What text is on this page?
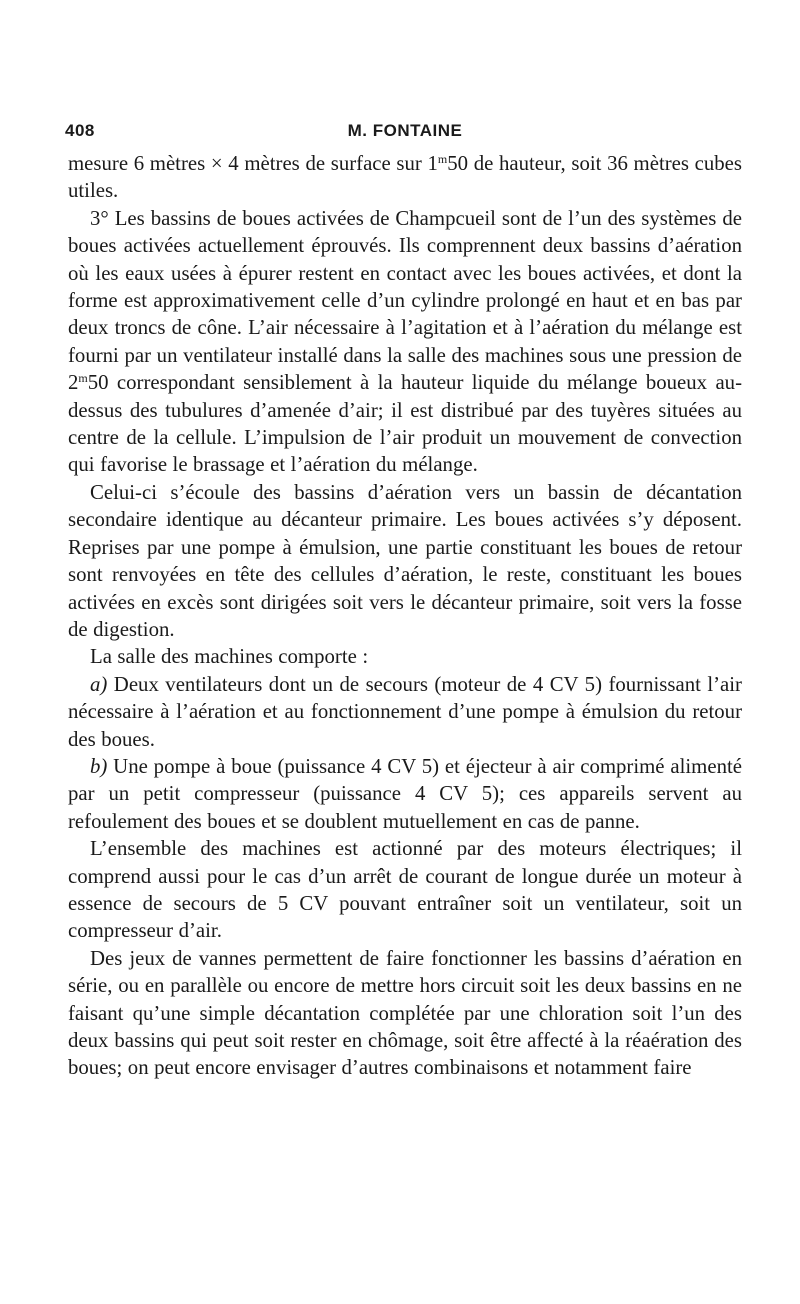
408	M. FONTAINE

mesure 6 mètres × 4 mètres de surface sur 1$^m$50 de hauteur, soit 36 mètres cubes utiles.

3° Les bassins de boues activées de Champcueil sont de l’un des systèmes de boues activées actuellement éprouvés. Ils comprennent deux bassins d’aération où les eaux usées à épurer restent en contact avec les boues activées, et dont la forme est approximativement celle d’un cylindre prolongé en haut et en bas par deux troncs de cône. L’air nécessaire à l’agitation et à l’aération du mélange est fourni par un ventilateur installé dans la salle des machines sous une pression de 2$^m$50 correspondant sensiblement à la hauteur liquide du mélange boueux au-dessus des tubulures d’amenée d’air; il est distribué par des tuyères situées au centre de la cellule. L’impulsion de l’air produit un mouvement de convection qui favorise le brassage et l’aération du mélange.

Celui-ci s’écoule des bassins d’aération vers un bassin de décantation secondaire identique au décanteur primaire. Les boues activées s’y déposent. Reprises par une pompe à émulsion, une partie constituant les boues de retour sont renvoyées en tête des cellules d’aération, le reste, constituant les boues activées en excès sont dirigées soit vers le décanteur primaire, soit vers la fosse de digestion.

La salle des machines comporte :

a) Deux ventilateurs dont un de secours (moteur de 4 CV 5) fournissant l’air nécessaire à l’aération et au fonctionnement d’une pompe à émulsion du retour des boues.

b) Une pompe à boue (puissance 4 CV 5) et éjecteur à air comprimé alimenté par un petit compresseur (puissance 4 CV 5); ces appareils servent au refoulement des boues et se doublent mutuellement en cas de panne.

L’ensemble des machines est actionné par des moteurs électriques; il comprend aussi pour le cas d’un arrêt de courant de longue durée un moteur à essence de secours de 5 CV pouvant entraîner soit un ventilateur, soit un compresseur d’air.

Des jeux de vannes permettent de faire fonctionner les bassins d’aération en série, ou en parallèle ou encore de mettre hors circuit soit les deux bassins en ne faisant qu’une simple décantation complétée par une chloration soit l’un des deux bassins qui peut soit rester en chômage, soit être affecté à la réaération des boues; on peut encore envisager d’autres combinaisons et notamment faire
